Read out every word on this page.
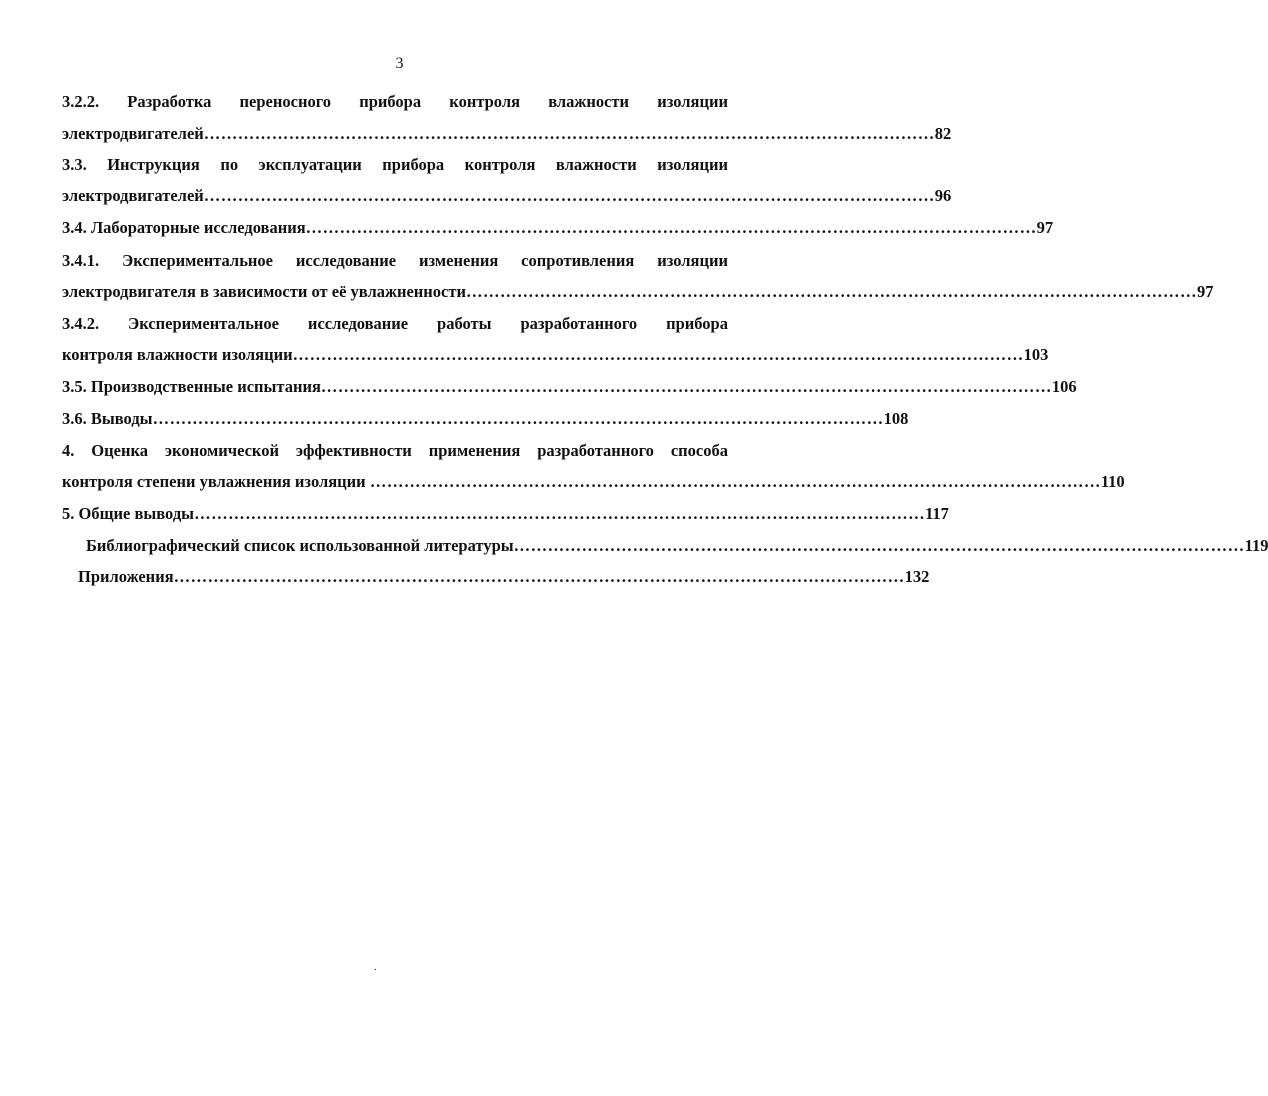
3
3.2.2. Разработка переносного прибора контроля влажности изоляции
электродвигателей ………………………………………………………………………………………………………………… 82
3.3. Инструкция по эксплуатации прибора контроля влажности изоляции
электродвигателей ………………………………………………………………………………………………………………… 96
3.4. Лабораторные исследования ………………………………………………………………………………………………………………… 97
3.4.1. Экспериментальное исследование изменения сопротивления изоляции
электродвигателя в зависимости от её увлажненности ………………………………………………………………………………………………………………… 97
3.4.2. Экспериментальное исследование работы разработанного прибора
контроля влажности изоляции ………………………………………………………………………………………………………………… 103
3.5. Производственные испытания ………………………………………………………………………………………………………………… 106
3.6. Выводы ………………………………………………………………………………………………………………… 108
4. Оценка экономической эффективности применения разработанного способа
контроля степени увлажнения изоляции ………………………………………………………………………………………………………………… 110
5. Общие выводы ………………………………………………………………………………………………………………… 117
Библиографический список использованной литературы ………………………………………………………………………………………………………………… 119
Приложения ………………………………………………………………………………………………………………… 132
.
